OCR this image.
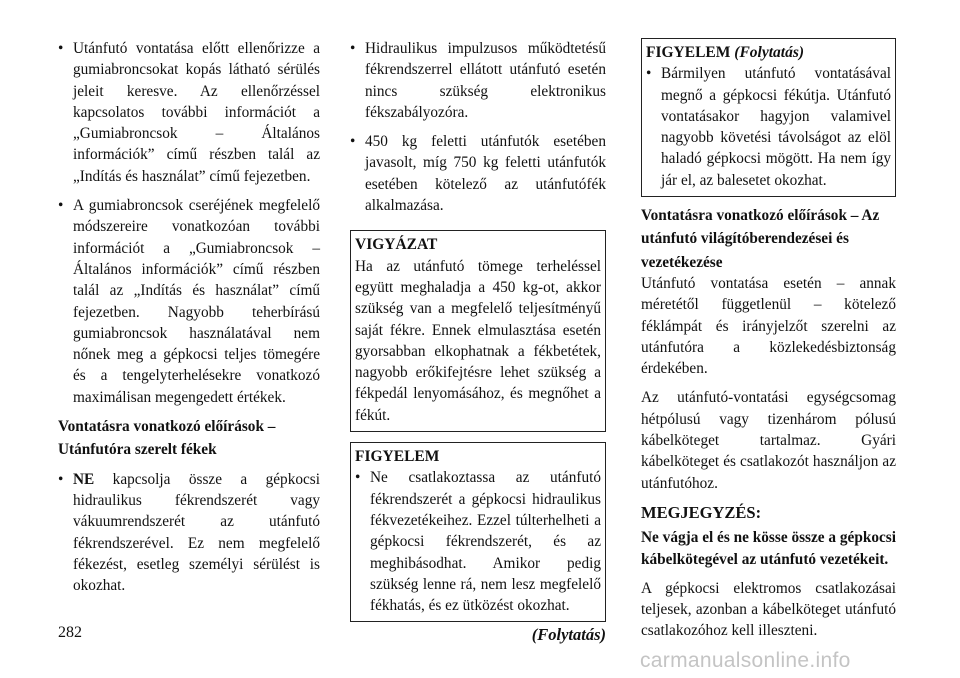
• Utánfutó vontatása előtt ellenőrizze a gumiabroncsokat kopás látható sérülés jeleit keresve. Az ellenőrzéssel kapcsolatos további információt a „Gumiabroncsok – Általános információk” című részben talál az „Indítás és használat” című fejezetben.

• A gumiabroncsok cseréjének megfelelő módszereire vonatkozóan további információt a „Gumiabroncsok – Általános információk” című részben talál az „Indítás és használat” című fejezetben. Nagyobb teherbírású gumiabroncsok használatával nem nőnek meg a gépkocsi teljes tömegére és a tengelyterhelésekre vonatkozó maximálisan megengedett értékek.

Vontatásra vonatkozó előírások –

Utánfutóra szerelt fékek

• NE kapcsolja össze a gépkocsi hidraulikus fékrendszerét vagy vákuumrendszerét az utánfutó fékrendszerével. Ez nem megfelelő fékezést, esetleg személyi sérülést is okozhat.

• Hidraulikus impulzusos működtetésű fékrendszerrel ellátott utánfutó esetén nincs szükség elektronikus fékszabályozóra.

• 450 kg feletti utánfutók esetében javasolt, míg 750 kg feletti utánfutók esetében kötelező az utánfutófék alkalmazása.

VIGYÁZAT

Ha az utánfutó tömege terheléssel együtt meghaladja a 450 kg-ot, akkor szükség van a megfelelő teljesítményű saját fékre. Ennek elmulasztása esetén gyorsabban elkophatnak a fékbetétek, nagyobb erőkifejtésre lehet szükség a fékpedál lenyomásához, és megnőhet a fékút.

FIGYELEM

• Ne csatlakoztassa az utánfutó fékrendszerét a gépkocsi hidraulikus fékvezetékeihez. Ezzel túlterhelheti a gépkocsi fékrendszerét, és az meghibásodhat. Amikor pedig szükség lenne rá, nem lesz megfelelő fékhatás, és ez ütközést okozhat.

(Folytatás)
FIGYELEM (Folytatás)

• Bármilyen utánfutó vontatásával megnő a gépkocsi fékútja. Utánfutó vontatásakor hagyjon valamivel nagyobb követési távolságot az elöl haladó gépkocsi mögött. Ha nem így jár el, az balesetet okozhat.

Vontatásra vonatkozó előírások – Az

utánfutó világítóberendezései és

vezetékezése

Utánfutó vontatása esetén – annak méretétől függetlenül – kötelező féklámpát és irányjelzőt szerelni az utánfutóra a közlekedésbiztonság érdekében.

Az utánfutó-vontatási egységcsomag hétpólusú vagy tizenhárom pólusú kábelköteget tartalmaz. Gyári kábelköteget és csatlakozót használjon az utánfutóhoz.

MEGJEGYZÉS:

Ne vágja el és ne kösse össze a gépkocsi kábelkötegével az utánfutó vezetékeit.

A gépkocsi elektromos csatlakozásai teljesek, azonban a kábelköteget utánfutó csatlakozóhoz kell illeszteni.

282
carmanualsonline.info
